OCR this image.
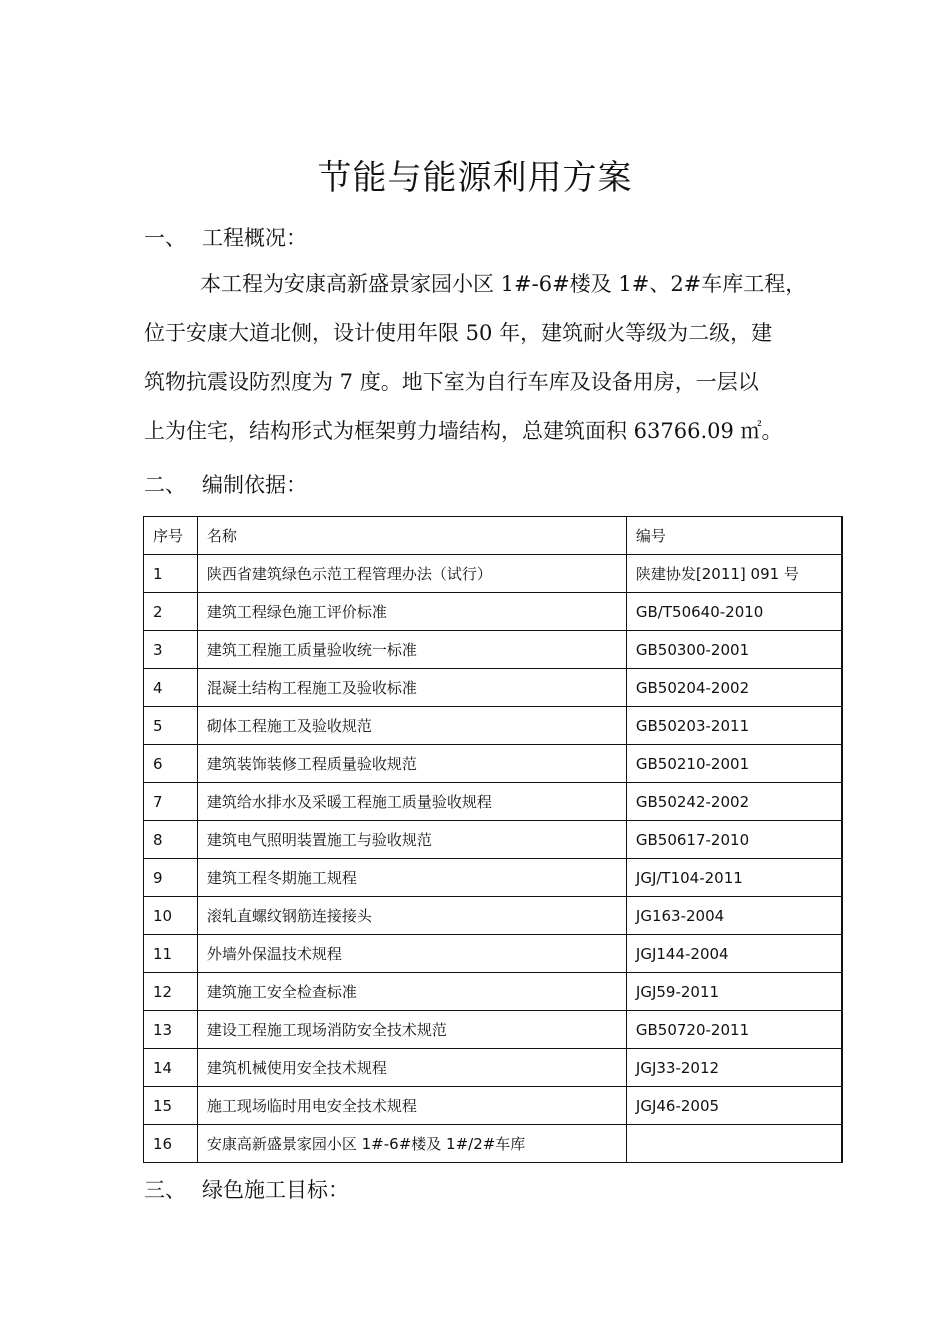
节能与能源利用方案
一、 工程概况：
本工程为安康高新盛景家园小区 1#-6#楼及 1#、2#车库工程，
位于安康大道北侧，设计使用年限 50 年，建筑耐火等级为二级，建
筑物抗震设防烈度为 7 度。地下室为自行车库及设备用房，一层以
上为住宅，结构形式为框架剪力墙结构，总建筑面积 63766.09 ㎡。
二、 编制依据：
序号	名称	编号
1	陕西省建筑绿色示范工程管理办法（试行）	陕建协发[2011] 091 号
2	建筑工程绿色施工评价标准	GB/T50640-2010
3	建筑工程施工质量验收统一标准	GB50300-2001
4	混凝土结构工程施工及验收标准	GB50204-2002
5	砌体工程施工及验收规范	GB50203-2011
6	建筑装饰装修工程质量验收规范	GB50210-2001
7	建筑给水排水及采暖工程施工质量验收规程	GB50242-2002
8	建筑电气照明装置施工与验收规范	GB50617-2010
9	建筑工程冬期施工规程	JGJ/T104-2011
10	滚轧直螺纹钢筋连接接头	JG163-2004
11	外墙外保温技术规程	JGJ144-2004
12	建筑施工安全检查标准	JGJ59-2011
13	建设工程施工现场消防安全技术规范	GB50720-2011
14	建筑机械使用安全技术规程	JGJ33-2012
15	施工现场临时用电安全技术规程	JGJ46-2005
16	安康高新盛景家园小区 1#-6#楼及 1#/2#车库	
三、 绿色施工目标：
